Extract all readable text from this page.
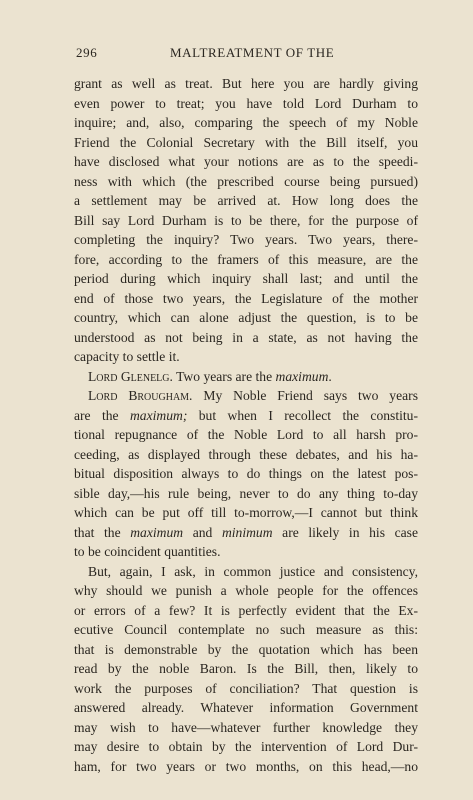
296	MALTREATMENT OF THE
grant as well as treat. But here you are hardly giving
even power to treat; you have told Lord Durham to
inquire; and, also, comparing the speech of my Noble
Friend the Colonial Secretary with the Bill itself, you
have disclosed what your notions are as to the speedi-
ness with which (the prescribed course being pursued)
a settlement may be arrived at. How long does the
Bill say Lord Durham is to be there, for the purpose of
completing the inquiry? Two years. Two years, there-
fore, according to the framers of this measure, are the
period during which inquiry shall last; and until the
end of those two years, the Legislature of the mother
country, which can alone adjust the question, is to be
understood as not being in a state, as not having the
capacity to settle it.
Lord Glenelg. Two years are the maximum.
Lord Brougham. My Noble Friend says two years
are the maximum; but when I recollect the constitu-
tional repugnance of the Noble Lord to all harsh pro-
ceeding, as displayed through these debates, and his ha-
bitual disposition always to do things on the latest pos-
sible day,—his rule being, never to do any thing to-day
which can be put off till to-morrow,—I cannot but think
that the maximum and minimum are likely in his case
to be coincident quantities.
But, again, I ask, in common justice and consistency,
why should we punish a whole people for the offences
or errors of a few? It is perfectly evident that the Ex-
ecutive Council contemplate no such measure as this:
that is demonstrable by the quotation which has been
read by the noble Baron. Is the Bill, then, likely to
work the purposes of conciliation? That question is
answered already. Whatever information Government
may wish to have—whatever further knowledge they
may desire to obtain by the intervention of Lord Dur-
ham, for two years or two months, on this head,—no
